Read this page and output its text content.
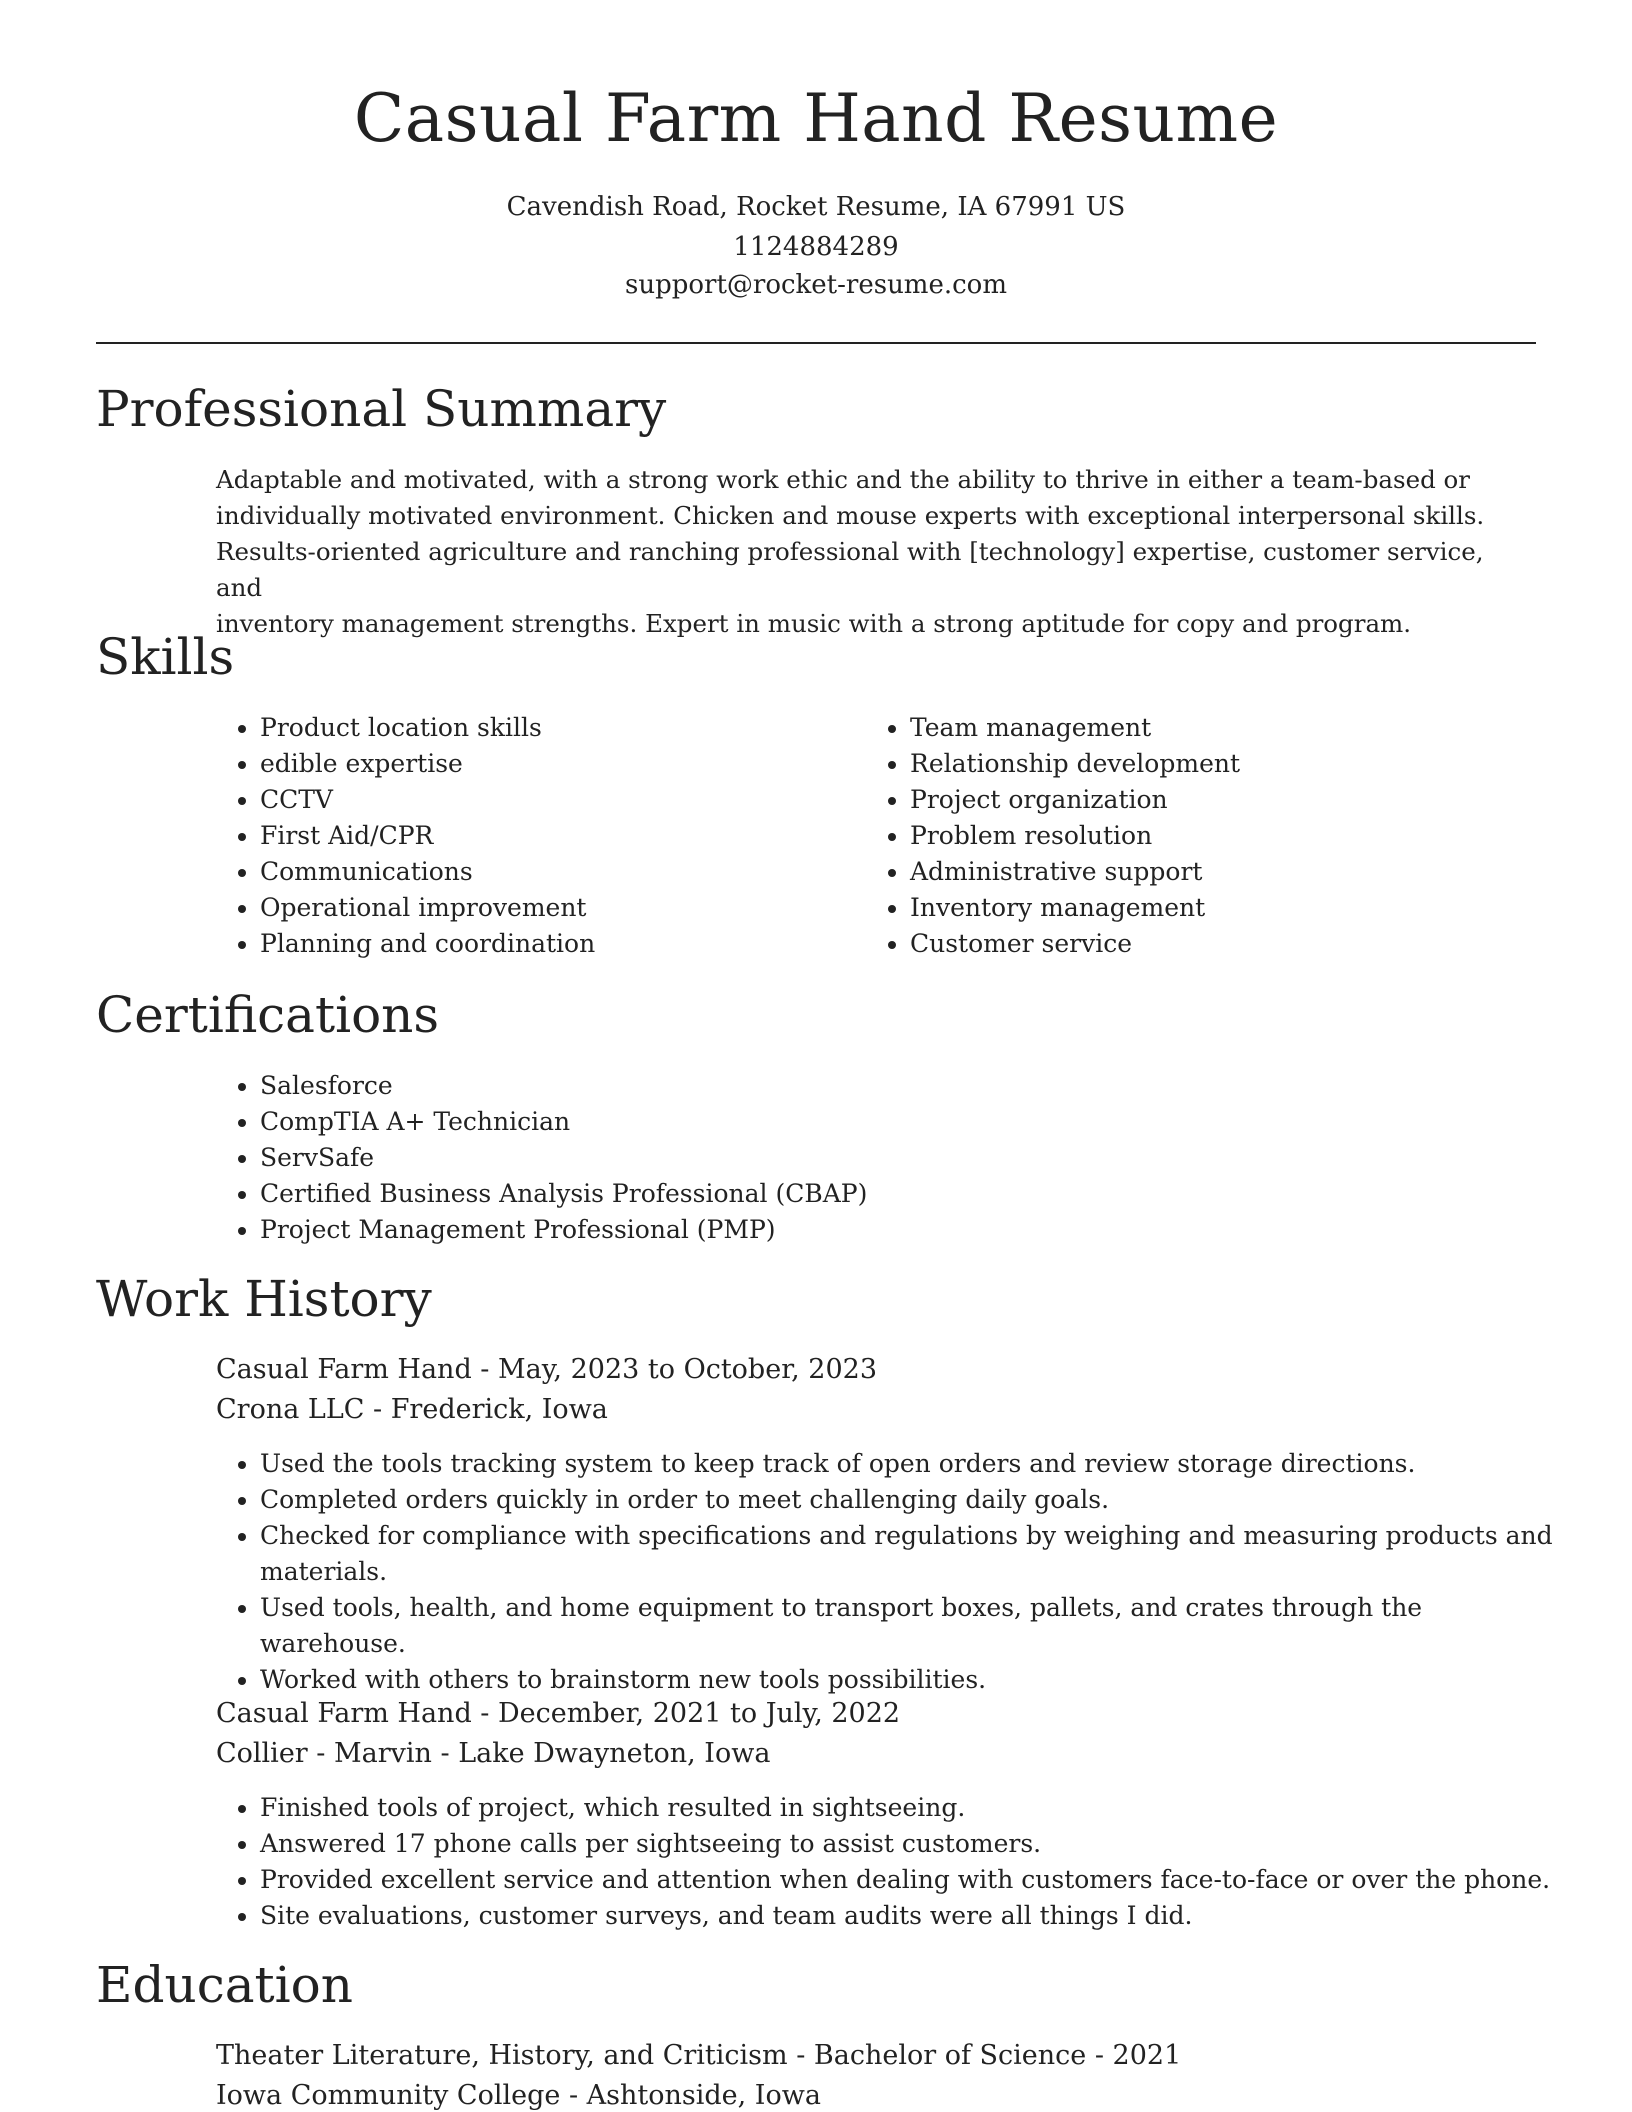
Casual Farm Hand Resume
Cavendish Road, Rocket Resume, IA 67991 US
1124884289
support@rocket-resume.com
Professional Summary
Adaptable and motivated, with a strong work ethic and the ability to thrive in either a team-based or
individually motivated environment. Chicken and mouse experts with exceptional interpersonal skills.
Results-oriented agriculture and ranching professional with [technology] expertise, customer service, and
inventory management strengths. Expert in music with a strong aptitude for copy and program.
Skills
• Product location skills
• edible expertise
• CCTV
• First Aid/CPR
• Communications
• Operational improvement
• Planning and coordination
• Team management
• Relationship development
• Project organization
• Problem resolution
• Administrative support
• Inventory management
• Customer service
Certifications
• Salesforce
• CompTIA A+ Technician
• ServSafe
• Certified Business Analysis Professional (CBAP)
• Project Management Professional (PMP)
Work History
Casual Farm Hand - May, 2023 to October, 2023
Crona LLC - Frederick, Iowa
• Used the tools tracking system to keep track of open orders and review storage directions.
• Completed orders quickly in order to meet challenging daily goals.
• Checked for compliance with specifications and regulations by weighing and measuring products and materials.
• Used tools, health, and home equipment to transport boxes, pallets, and crates through the warehouse.
• Worked with others to brainstorm new tools possibilities.
Casual Farm Hand - December, 2021 to July, 2022
Collier - Marvin - Lake Dwayneton, Iowa
• Finished tools of project, which resulted in sightseeing.
• Answered 17 phone calls per sightseeing to assist customers.
• Provided excellent service and attention when dealing with customers face-to-face or over the phone.
• Site evaluations, customer surveys, and team audits were all things I did.
Education
Theater Literature, History, and Criticism - Bachelor of Science - 2021
Iowa Community College - Ashtonside, Iowa
